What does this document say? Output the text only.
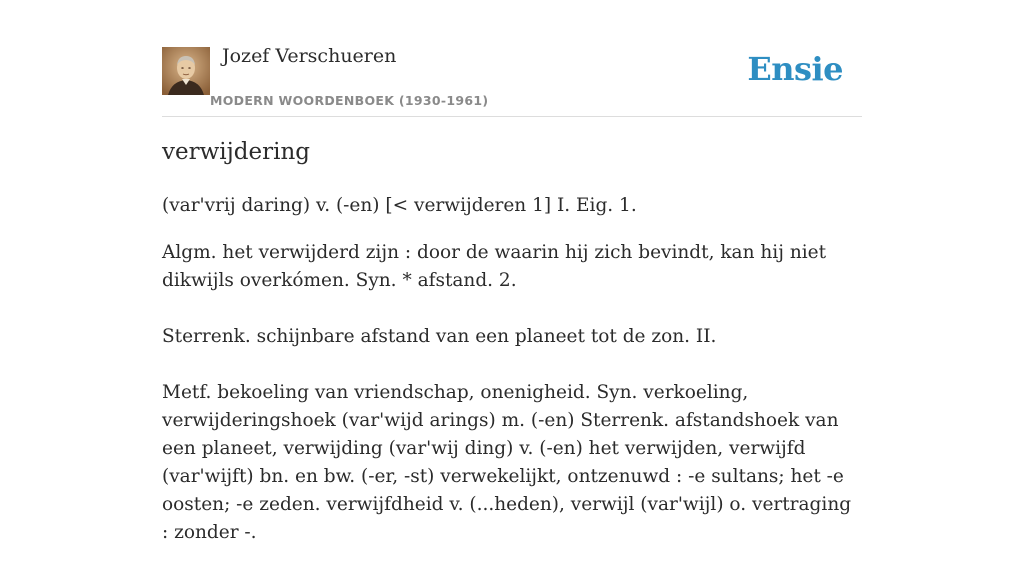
Jozef Verschueren
MODERN WOORDENBOEK (1930-1961)
Ensie
verwijdering

(var'vrij daring) v. (-en) [< verwijderen 1] I. Eig. 1.

Algm. het verwijderd zijn : door de waarin hij zich bevindt, kan hij niet dikwijls overkómen. Syn. * afstand. 2.

Sterrenk. schijnbare afstand van een planeet tot de zon. II.

Metf. bekoeling van vriendschap, onenigheid. Syn. verkoeling, verwijderingshoek (var'wijd arings) m. (-en) Sterrenk. afstandshoek van een planeet, verwijding (var'wij ding) v. (-en) het verwijden, verwijfd (var'wijft) bn. en bw. (-er, -st) verwekelijkt, ontzenuwd : -e sultans; het -e oosten; -e zeden. verwijfdheid v. (...heden), verwijl (var'wijl) o. vertraging : zonder -.
